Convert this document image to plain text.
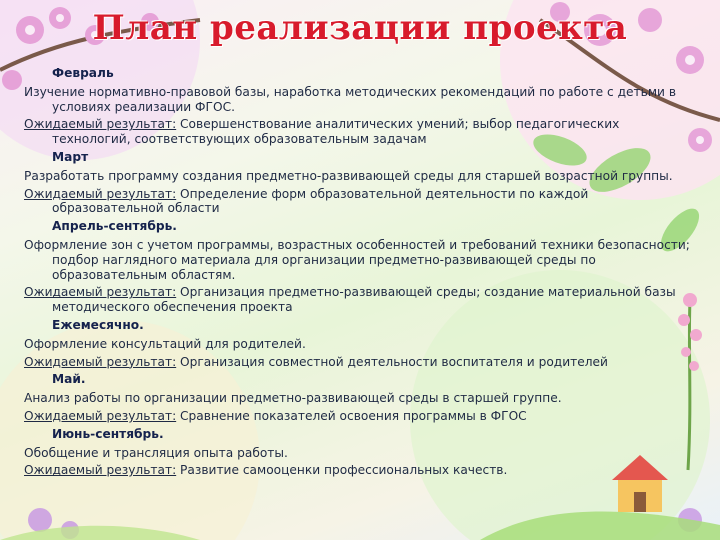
План реализации проекта
Февраль

Изучение нормативно-правовой базы, наработка методических рекомендаций по работе с детьми в условиях реализации ФГОС.

Ожидаемый результат: Совершенствование аналитических умений; выбор педагогических технологий, соответствующих образовательным задачам

Март

Разработать программу создания предметно-развивающей среды для старшей возрастной группы.

Ожидаемый результат: Определение форм образовательной деятельности по каждой образовательной области

Апрель-сентябрь.

Оформление зон с учетом программы, возрастных особенностей и требований техники безопасности; подбор наглядного материала для организации предметно-развивающей среды по образовательным областям.

Ожидаемый результат: Организация предметно-развивающей среды; создание материальной базы методического обеспечения проекта

Ежемесячно.

Оформление консультаций для родителей.

Ожидаемый результат: Организация совместной деятельности воспитателя и родителей

Май.

Анализ работы по организации предметно-развивающей среды в старшей группе.

Ожидаемый результат: Сравнение показателей освоения программы в ФГОС

Июнь-сентябрь.

Обобщение и трансляция опыта работы.

Ожидаемый результат: Развитие самооценки профессиональных качеств.
